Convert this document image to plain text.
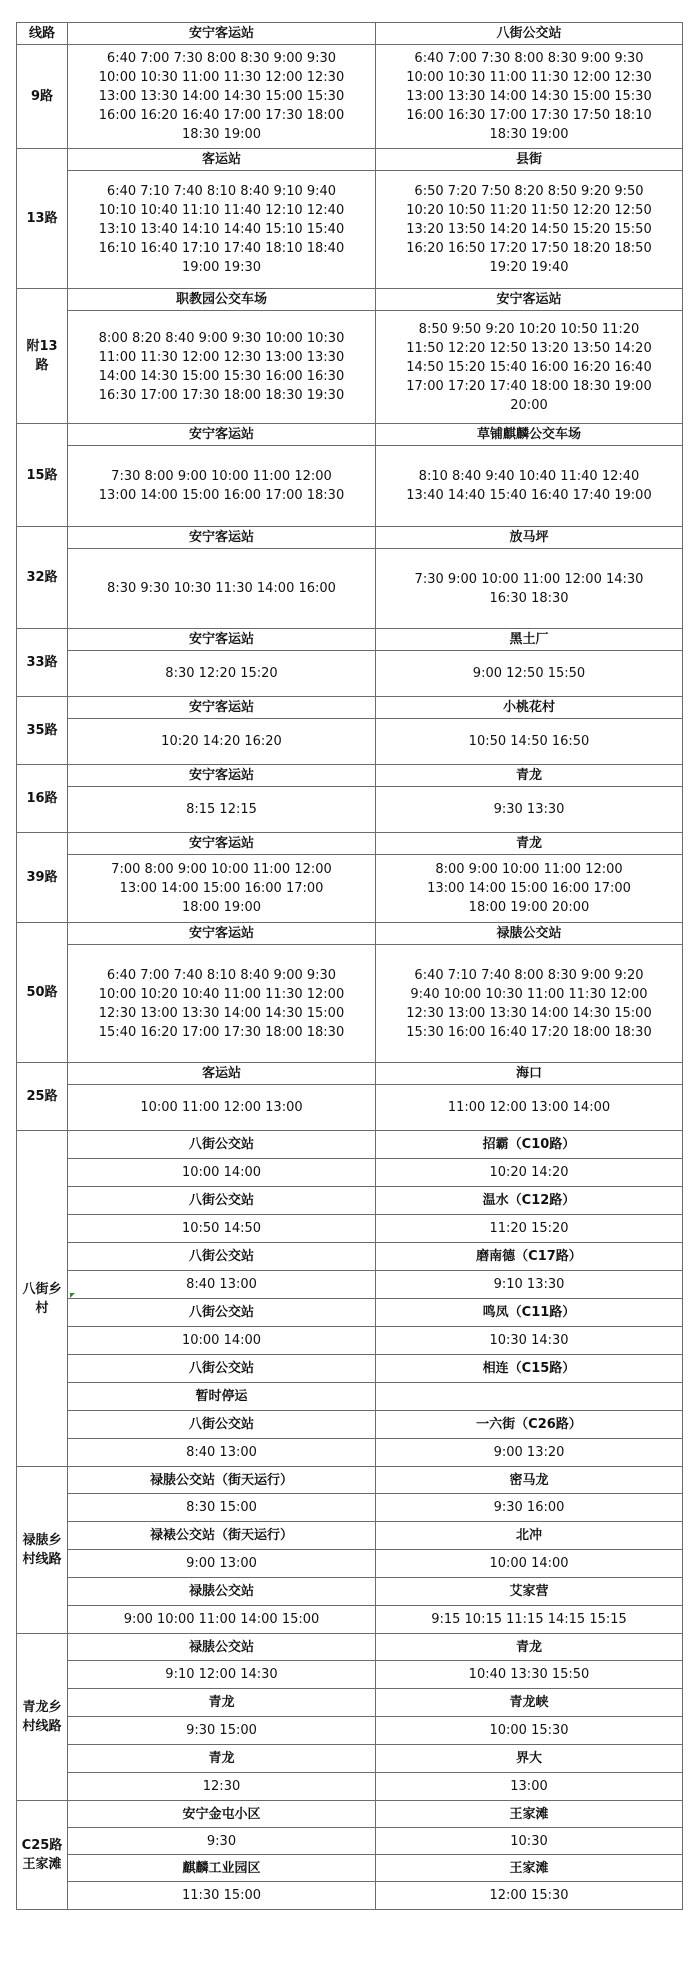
线路	安宁客运站	八街公交站
9路	6:40 7:00 7:30 8:00 8:30 9:00 9:30
10:00 10:30 11:00 11:30 12:00 12:30
13:00 13:30 14:00 14:30 15:00 15:30
16:00 16:20 16:40 17:00 17:30 18:00
18:30 19:00	6:40 7:00 7:30 8:00 8:30 9:00 9:30
10:00 10:30 11:00 11:30 12:00 12:30
13:00 13:30 14:00 14:30 15:00 15:30
16:00 16:30 17:00 17:30 17:50 18:10
18:30 19:00
13路	客运站	县街
	6:40 7:10 7:40 8:10 8:40 9:10 9:40
10:10 10:40 11:10 11:40 12:10 12:40
13:10 13:40 14:10 14:40 15:10 15:40
16:10 16:40 17:10 17:40 18:10 18:40
19:00 19:30	6:50 7:20 7:50 8:20 8:50 9:20 9:50
10:20 10:50 11:20 11:50 12:20 12:50
13:20 13:50 14:20 14:50 15:20 15:50
16:20 16:50 17:20 17:50 18:20 18:50
19:20 19:40
附13
路	职教园公交车场	安宁客运站
	8:00 8:20 8:40 9:00 9:30 10:00 10:30
11:00 11:30 12:00 12:30 13:00 13:30
14:00 14:30 15:00 15:30 16:00 16:30
16:30 17:00 17:30 18:00 18:30 19:30	8:50 9:50 9:20 10:20 10:50 11:20
11:50 12:20 12:50 13:20 13:50 14:20
14:50 15:20 15:40 16:00 16:20 16:40
17:00 17:20 17:40 18:00 18:30 19:00
20:00
15路	安宁客运站	草铺麒麟公交车场
	7:30 8:00 9:00 10:00 11:00 12:00
13:00 14:00 15:00 16:00 17:00 18:30	8:10 8:40 9:40 10:40 11:40 12:40
13:40 14:40 15:40 16:40 17:40 19:00
32路	安宁客运站	放马坪
	8:30 9:30 10:30 11:30 14:00 16:00	7:30 9:00 10:00 11:00 12:00 14:30
16:30 18:30
33路	安宁客运站	黑土厂
	8:30 12:20 15:20	9:00 12:50 15:50
35路	安宁客运站	小桃花村
	10:20 14:20 16:20	10:50 14:50 16:50
16路	安宁客运站	青龙
	8:15 12:15	9:30 13:30
39路	安宁客运站	青龙
	7:00 8:00 9:00 10:00 11:00 12:00
13:00 14:00 15:00 16:00 17:00
18:00 19:00	8:00 9:00 10:00 11:00 12:00
13:00 14:00 15:00 16:00 17:00
18:00 19:00 20:00
50路	安宁客运站	禄脿公交站
	6:40 7:00 7:40 8:10 8:40 9:00 9:30
10:00 10:20 10:40 11:00 11:30 12:00
12:30 13:00 13:30 14:00 14:30 15:00
15:40 16:20 17:00 17:30 18:00 18:30	6:40 7:10 7:40 8:00 8:30 9:00 9:20
9:40 10:00 10:30 11:00 11:30 12:00
12:30 13:00 13:30 14:00 14:30 15:00
15:30 16:00 16:40 17:20 18:00 18:30
25路	客运站	海口
	10:00 11:00 12:00 13:00	11:00 12:00 13:00 14:00
八街乡
村	八街公交站	招霸（C10路）
	10:00 14:00	10:20 14:20
	八街公交站	温水（C12路）
	10:50 14:50	11:20 15:20
	八街公交站	磨南德（C17路）
	8:40 13:00	9:10 13:30
	八街公交站	鸣凤（C11路）
	10:00 14:00	10:30 14:30
	八街公交站	相连（C15路）
	暂时停运	
	八街公交站	一六街（C26路）
	8:40 13:00	9:00 13:20
禄脿乡
村线路	禄脿公交站（街天运行）	密马龙
	8:30 15:00	9:30 16:00
	禄裱公交站（街天运行）	北冲
	9:00 13:00	10:00 14:00
	禄脿公交站	艾家营
	9:00 10:00 11:00 14:00 15:00	9:15 10:15 11:15 14:15 15:15
青龙乡
村线路	禄脿公交站	青龙
	9:10 12:00 14:30	10:40 13:30 15:50
	青龙	青龙峡
	9:30 15:00	10:00 15:30
	青龙	界大
	12:30	13:00
C25路
王家滩	安宁金屯小区	王家滩
	9:30	10:30
	麒麟工业园区	王家滩
	11:30 15:00	12:00 15:30
